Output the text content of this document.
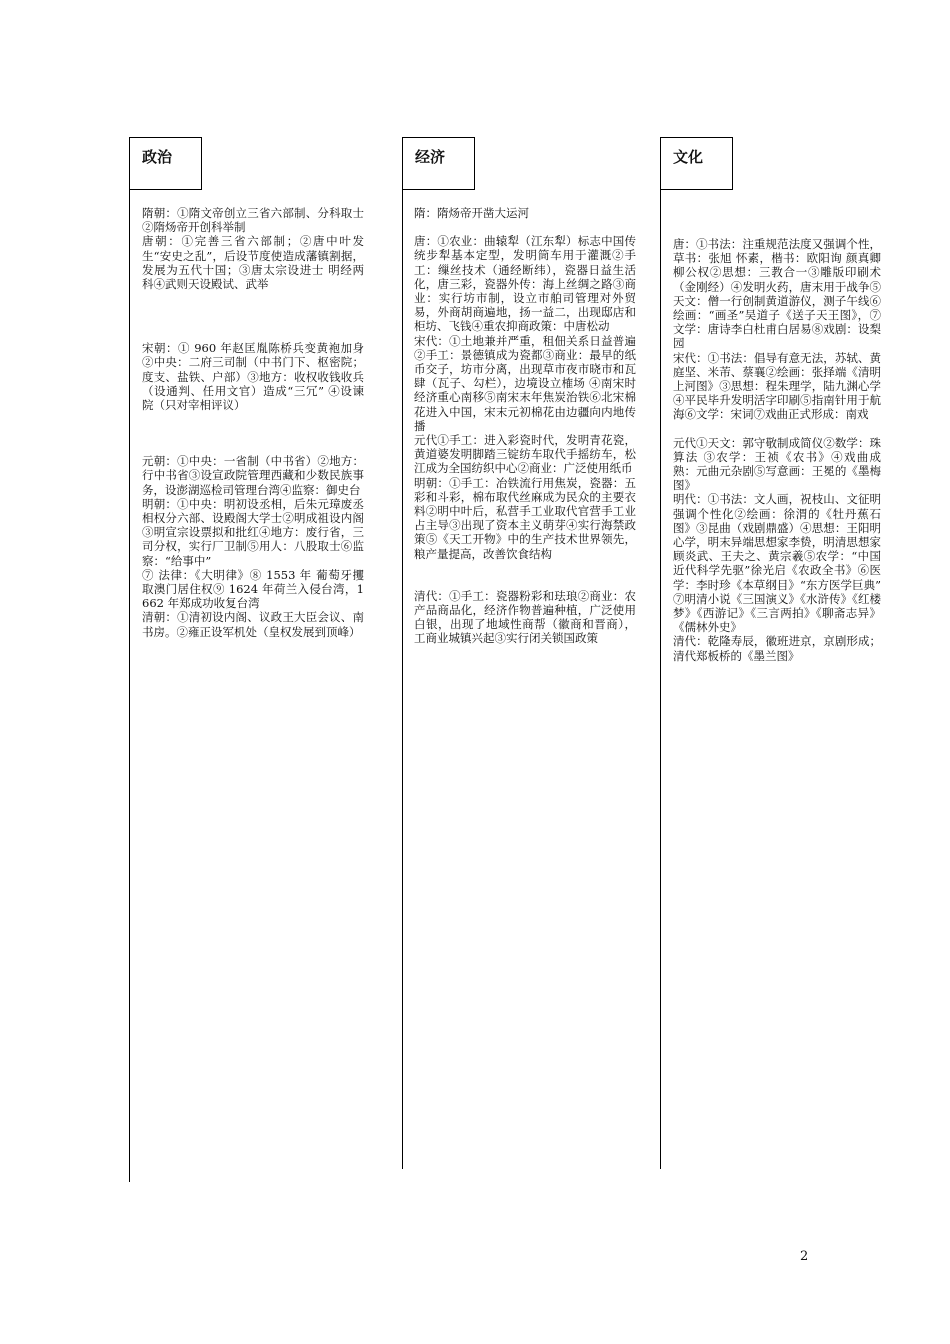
政治

隋朝：①隋文帝创立三省六部制、分科取士 ②隋炀帝开创科举制

唐朝：①完善三省六部制；②唐中叶发生“安史之乱”，后设节度使造成藩镇割据，发展为五代十国；③唐太宗设进士 明经两科④武则天设殿试、武举

宋朝：① 960 年赵匡胤陈桥兵变黄袍加身②中央：二府三司制（中书门下、枢密院；度支、盐铁、户部）③地方：收权收钱收兵（设通判、任用文官）造成“三冗” ④设谏院（只对宰相评议）

元朝：①中央：一省制（中书省）②地方：行中书省③设宣政院管理西藏和少数民族事务，设澎湖巡检司管理台湾④监察：御史台

明朝：①中央：明初设丞相，后朱元璋废丞相权分六部、设殿阁大学士②明成祖设内阁③明宣宗设票拟和批红④地方：废行省，三司分权，实行厂卫制⑤用人：八股取士⑥监察：“给事中”

⑦ 法律：《大明律》⑧ 1553 年 葡萄牙攫取澳门居住权⑨ 1624 年荷兰入侵台湾，1662 年郑成功收复台湾

清朝：①清初设内阁、议政王大臣会议、南书房。②雍正设军机处（皇权发展到顶峰）

经济

隋：隋炀帝开凿大运河

唐：①农业：曲辕犁（江东犁）标志中国传统步犁基本定型，发明筒车用于灌溉②手工：缫丝技术（通经断纬），瓷器日益生活化，唐三彩，瓷器外传：海上丝绸之路③商业：实行坊市制，设立市舶司管理对外贸易，外商胡商遍地，扬一益二，出现邸店和柜坊、飞钱④重农抑商政策：中唐松动

宋代：①土地兼并严重，租佃关系日益普遍②手工：景德镇成为瓷都③商业：最早的纸币交子，坊市分离，出现草市夜市晓市和瓦肆（瓦子、勾栏），边境设立榷场 ④南宋时经济重心南移⑤南宋末年焦炭治铁⑥北宋棉花进入中国，宋末元初棉花由边疆向内地传播

元代①手工：进入彩瓷时代，发明青花瓷，黄道婆发明脚踏三锭纺车取代手摇纺车，松江成为全国纺织中心②商业：广泛使用纸币

明朝：①手工：冶铁流行用焦炭，瓷器：五彩和斗彩，棉布取代丝麻成为民众的主要衣料②明中叶后，私营手工业取代官营手工业占主导③出现了资本主义萌芽④实行海禁政策⑤《天工开物》中的生产技术世界领先，粮产量提高，改善饮食结构

清代：①手工：瓷器粉彩和珐琅②商业：农产品商品化，经济作物普遍种植，广泛使用白银，出现了地域性商帮（徽商和晋商），工商业城镇兴起③实行闭关锁国政策

文化

唐：①书法：注重规范法度又强调个性，草书：张旭 怀素，楷书：欧阳询 颜真卿 柳公权②思想：三教合一③雕版印刷术（金刚经）④发明火药，唐末用于战争⑤天文：僧一行创制黄道游仪，测子午线⑥绘画：“画圣”吴道子《送子天王图》，⑦文学：唐诗李白杜甫白居易⑧戏剧：设梨园

宋代：①书法：倡导有意无法，苏轼、黄庭坚、米芾、蔡襄②绘画：张择端《清明上河图》③思想：程朱理学，陆九渊心学④平民毕升发明活字印刷⑤指南针用于航海⑥文学：宋词⑦戏曲正式形成：南戏

元代①天文：郭守敬制成简仪②数学：珠算法 ③农学：王祯《农书》④戏曲成熟：元曲元杂剧⑤写意画：王冕的《墨梅图》

明代：①书法：文人画，祝枝山、文征明强调个性化②绘画：徐渭的《牡丹蕉石图》③昆曲（戏剧鼎盛）④思想：王阳明心学，明末异端思想家李贽，明清思想家顾炎武、王夫之、黄宗羲⑤农学：“中国近代科学先驱”徐光启《农政全书》⑥医学：李时珍《本草纲目》“东方医学巨典” ⑦明清小说《三国演义》《水浒传》《红楼梦》《西游记》《三言两拍》《聊斋志异》《儒林外史》

清代：乾隆寿辰，徽班进京，京剧形成；清代郑板桥的《墨兰图》

2
